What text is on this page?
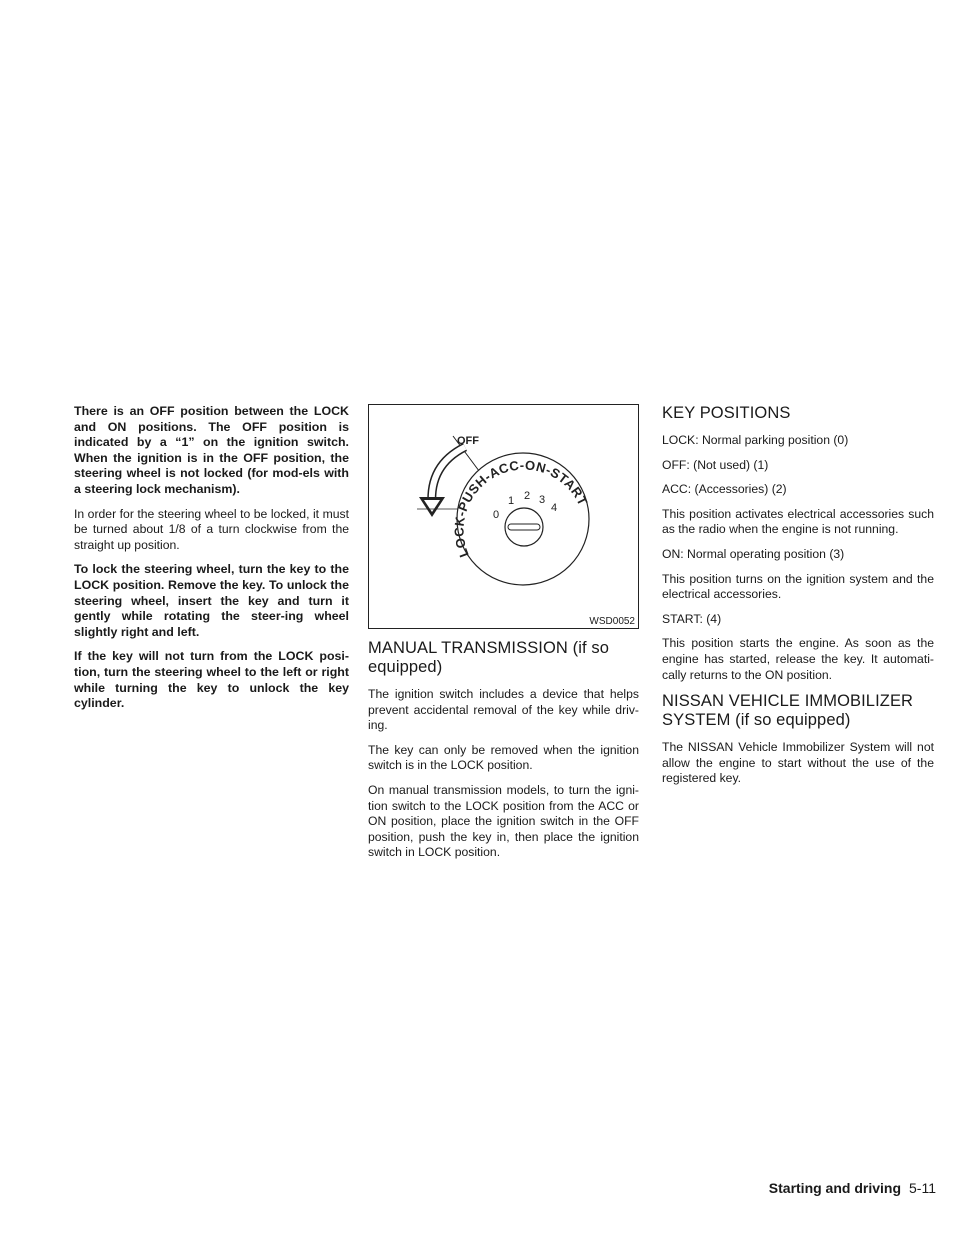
There is an OFF position between the LOCK and ON positions. The OFF position is indicated by a “1” on the ignition switch. When the ignition is in the OFF position, the steering wheel is not locked (for mod-els with a steering lock mechanism).

In order for the steering wheel to be locked, it must be turned about 1/8 of a turn clockwise from the straight up position.

To lock the steering wheel, turn the key to the LOCK position. Remove the key. To unlock the steering wheel, insert the key and turn it gently while rotating the steer-ing wheel slightly right and left.

If the key will not turn from the LOCK posi-tion, turn the steering wheel to the left or right while turning the key to unlock the key cylinder.

OFF
LOCK-PUSH-ACC-ON-START
0
1 2 3
4
WSD0052
MANUAL TRANSMISSION (if so equipped)

The ignition switch includes a device that helps prevent accidental removal of the key while driv-ing.

The key can only be removed when the ignition switch is in the LOCK position.

On manual transmission models, to turn the igni-tion switch to the LOCK position from the ACC or ON position, place the ignition switch in the OFF position, push the key in, then place the ignition switch in LOCK position.

KEY POSITIONS

LOCK: Normal parking position (0)

OFF: (Not used) (1)

ACC: (Accessories) (2)

This position activates electrical accessories such as the radio when the engine is not running.

ON: Normal operating position (3)

This position turns on the ignition system and the electrical accessories.

START: (4)

This position starts the engine. As soon as the engine has started, release the key. It automati-cally returns to the ON position.

NISSAN VEHICLE IMMOBILIZER SYSTEM (if so equipped)

The NISSAN Vehicle Immobilizer System will not allow the engine to start without the use of the registered key.

Starting and driving 5-11
